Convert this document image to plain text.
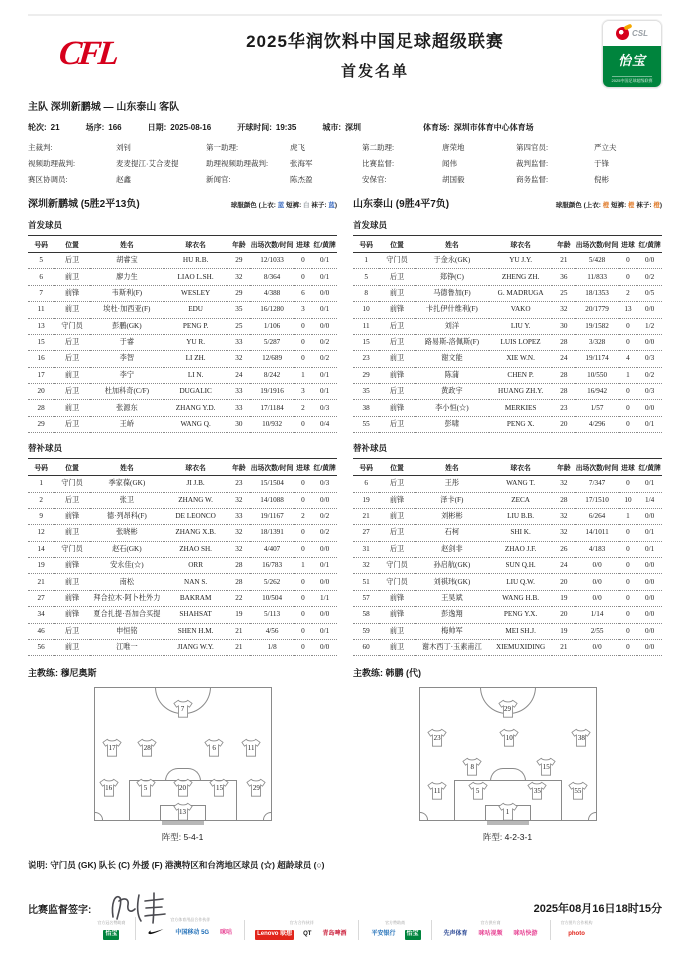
CFL	2025华润饮料中国足球超级联赛
首发名单
CSL
怡宝
2025中国足球超级联赛
主队 深圳新鹏城 — 山东泰山 客队
轮次: 21	场序: 166	日期: 2025-08-16	开球时间: 19:35	城市: 深圳	体育场: 深圳市体育中心体育场
主裁判:	刘钊	第一助理:	虎飞	第二助理:	唐荣地	第四官员:	严立夫
视频助理裁判:	麦麦提江·艾合麦提	助理视频助理裁判:	张海军	比赛监督:	闻伟	裁判监督:	于锋
赛区协调员:	赵鑫	新闻官:	陈杰盈	安保官:	胡国毅	商务监督:	倪彬
深圳新鹏城 (5胜2平13负)	球服颜色 (上衣: 蓝 短裤: 白 袜子: 蓝)
首发球员
号码	位置	姓名	球衣名	年龄	出场次数/时间	进球	红/黄牌
5	后卫	胡睿宝	HU R.B.	29	12/1033	0	0/1
6	前卫	廖力生	LIAO L.SH.	32	8/364	0	0/1
7	前锋	韦斯利(F)	WESLEY	29	4/388	6	0/0
11	前卫	埃杜·加西亚(F)	EDU	35	16/1280	3	0/1
13	守门员	彭鹏(GK)	PENG P.	25	1/106	0	0/0
15	后卫	于睿	YU R.	33	5/287	0	0/2
16	后卫	李智	LI ZH.	32	12/689	0	0/2
17	前卫	李宁	LI N.	24	8/242	1	0/1
20	后卫	杜加科奇(C/F)	DUGALIC	33	19/1916	3	0/1
28	前卫	张源东	ZHANG Y.D.	33	17/1184	2	0/3
29	后卫	王峤	WANG Q.	30	10/932	0	0/4
替补球员
号码	位置	姓名	球衣名	年龄	出场次数/时间	进球	红/黄牌
1	守门员	季家葆(GK)	JI J.B.	23	15/1504	0	0/3
2	后卫	张卫	ZHANG W.	32	14/1088	0	0/0
9	前锋	德·列昂科(F)	DE LEONCO	33	19/1167	2	0/2
12	前卫	张晓彬	ZHANG X.B.	32	18/1391	0	0/2
14	守门员	赵石(GK)	ZHAO SH.	32	4/407	0	0/0
19	前锋	安永佳(☆)	ORR	28	16/783	1	0/1
21	前卫	南松	NAN S.	28	5/262	0	0/0
27	前锋	拜合拉木·阿卜杜外力	BAKRAM	22	10/504	0	1/1
34	前锋	夏合扎提·吾加合买提	SHAHSAT	19	5/113	0	0/0
46	后卫	申恒铭	SHEN H.M.	21	4/56	0	0/1
56	前卫	江唯一	JIANG W.Y.	21	1/8	0	0/0
主教练: 穆尼奥斯
7
17	28	6	11
16	5	20	15	29
13
阵型: 5-4-1
山东泰山 (9胜4平7负)	球服颜色 (上衣: 橙 短裤: 橙 袜子: 橙)
首发球员
号码	位置	姓名	球衣名	年龄	出场次数/时间	进球	红/黄牌
1	守门员	于金永(GK)	YU J.Y.	21	5/428	0	0/0
5	后卫	郑铮(C)	ZHENG ZH.	36	11/833	0	0/2
8	前卫	马德鲁加(F)	G. MADRUGA	25	18/1353	2	0/5
10	前锋	卡扎伊什维利(F)	VAKO	32	20/1779	13	0/0
11	后卫	刘洋	LIU Y.	30	19/1582	0	1/2
15	后卫	路易斯-洛佩斯(F)	LUIS LOPEZ	28	3/328	0	0/0
23	前卫	谢文能	XIE W.N.	24	19/1174	4	0/3
29	前锋	陈蒲	CHEN P.	28	10/550	1	0/2
35	后卫	黄政宇	HUANG ZH.Y.	28	16/942	0	0/3
38	前锋	李小恒(☆)	MERKIES	23	1/57	0	0/0
55	后卫	彭啸	PENG X.	20	4/296	0	0/1
替补球员
号码	位置	姓名	球衣名	年龄	出场次数/时间	进球	红/黄牌
6	后卫	王彤	WANG T.	32	7/347	0	0/1
19	前锋	泽卡(F)	ZECA	28	17/1510	10	1/4
21	前卫	刘彬彬	LIU B.B.	32	6/264	1	0/0
27	后卫	石柯	SHI K.	32	14/1011	0	0/1
31	后卫	赵剑非	ZHAO J.F.	26	4/183	0	0/1
32	守门员	孙启航(GK)	SUN Q.H.	24	0/0	0	0/0
51	守门员	刘祺玮(GK)	LIU Q.W.	20	0/0	0	0/0
57	前锋	王昊斌	WANG H.B.	19	0/0	0	0/0
58	前锋	彭逸翔	PENG Y.X.	20	1/14	0	0/0
59	前卫	梅帅军	MEI SH.J.	19	2/55	0	0/0
60	前卫	谢木西丁·玉素甫江	XIEMUXIDING	21	0/0	0	0/0
主教练: 韩鹏 (代)
29
23	10	38
8	15
11	5	35	55
1
阵型: 4-2-3-1
说明: 守门员 (GK) 队长 (C) 外援 (F) 港澳特区和台湾地区球员 (☆) 超龄球员 (○)
比赛监督签字:	2025年08月16日18时15分
官方冠名赞助商
怡宝
官方体育用品合作伙伴
中国移动 5G	咪咕
官方合作伙伴
Lenovo 联想	QT	青岛啤酒
官方赞助商
平安银行	怡宝
官方供应商
先声体育	咪咕视频	咪咕快游
官方图片合作机构
photo
